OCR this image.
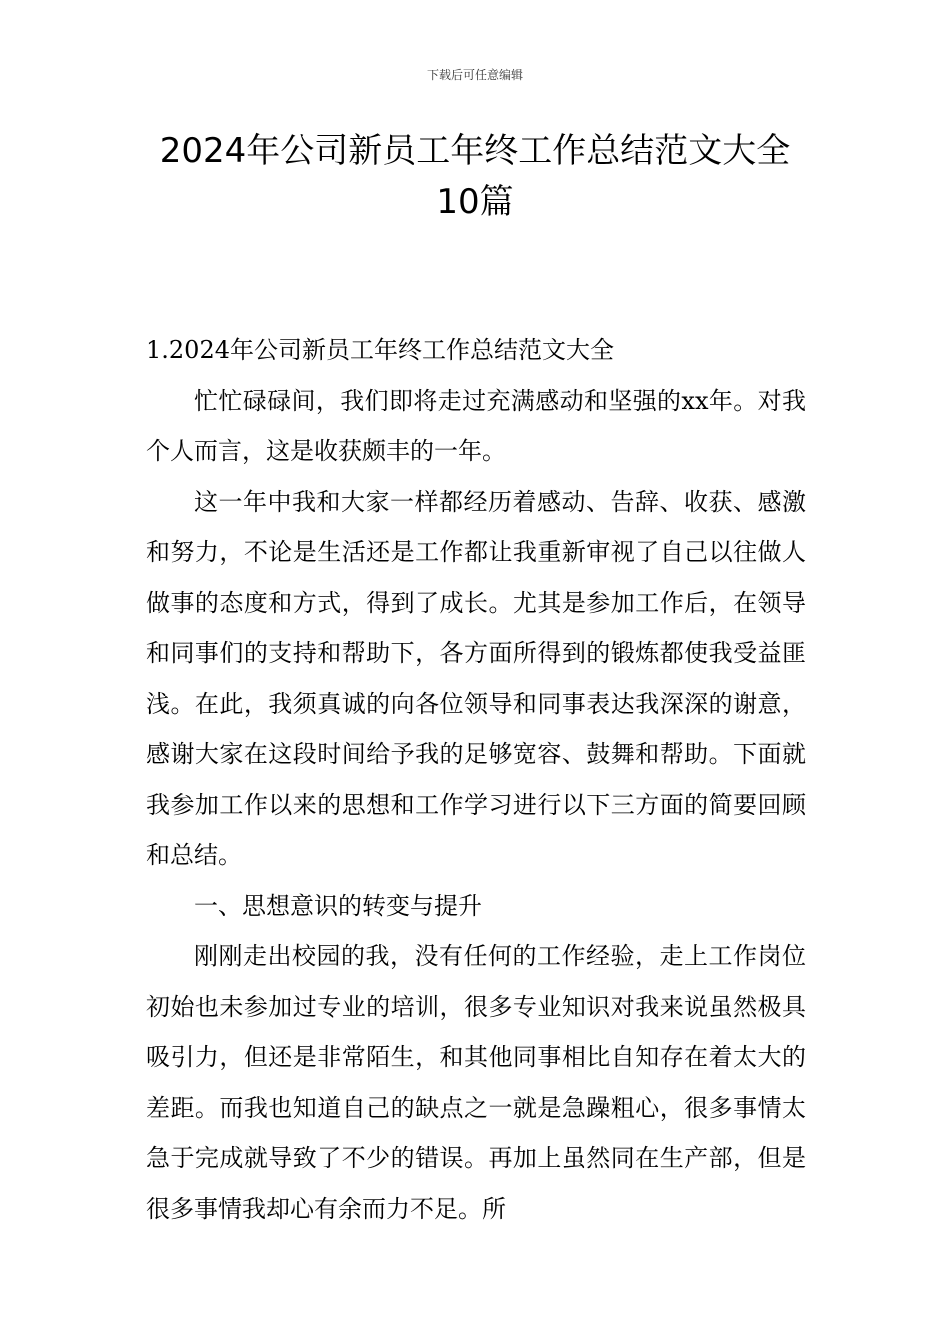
下载后可任意编辑
2024年公司新员工年终工作总结范文大全
10篇

1.2024年公司新员工年终工作总结范文大全

忙忙碌碌间，我们即将走过充满感动和坚强的xx年。对我个人而言，这是收获颇丰的一年。

这一年中我和大家一样都经历着感动、告辞、收获、感激和努力，不论是生活还是工作都让我重新审视了自己以往做人做事的态度和方式，得到了成长。尤其是参加工作后，在领导和同事们的支持和帮助下，各方面所得到的锻炼都使我受益匪浅。在此，我须真诚的向各位领导和同事表达我深深的谢意，感谢大家在这段时间给予我的足够宽容、鼓舞和帮助。下面就我参加工作以来的思想和工作学习进行以下三方面的简要回顾和总结。

一、思想意识的转变与提升

刚刚走出校园的我，没有任何的工作经验，走上工作岗位初始也未参加过专业的培训，很多专业知识对我来说虽然极具吸引力，但还是非常陌生，和其他同事相比自知存在着太大的差距。而我也知道自己的缺点之一就是急躁粗心，很多事情太急于完成就导致了不少的错误。再加上虽然同在生产部，但是很多事情我却心有余而力不足。所
